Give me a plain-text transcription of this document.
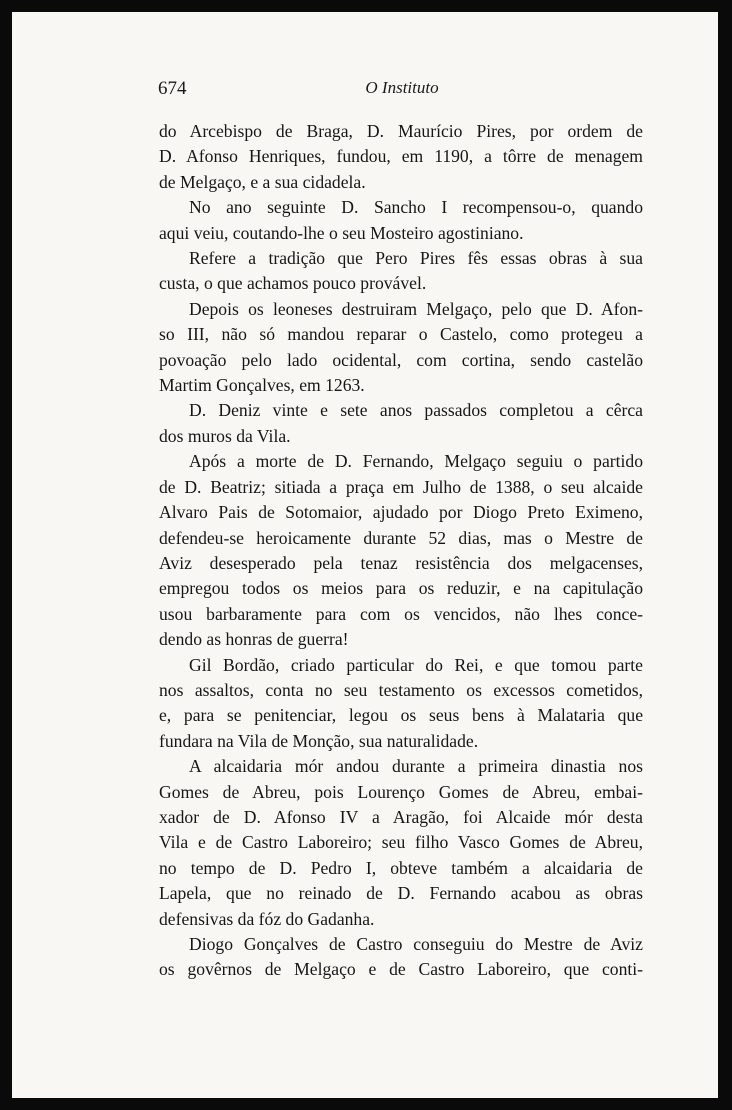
674	O Instituto

do Arcebispo de Braga, D. Maurício Pires, por ordem de
D. Afonso Henriques, fundou, em 1190, a tôrre de menagem
de Melgaço, e a sua cidadela.

No ano seguinte D. Sancho I recompensou-o, quando
aqui veiu, coutando-lhe o seu Mosteiro agostiniano.

Refere a tradição que Pero Pires fês essas obras à sua
custa, o que achamos pouco provável.

Depois os leoneses destruiram Melgaço, pelo que D. Afon-
so III, não só mandou reparar o Castelo, como protegeu a
povoação pelo lado ocidental, com cortina, sendo castelão
Martim Gonçalves, em 1263.

D. Deniz vinte e sete anos passados completou a cêrca
dos muros da Vila.

Após a morte de D. Fernando, Melgaço seguiu o partido
de D. Beatriz; sitiada a praça em Julho de 1388, o seu alcaide
Alvaro Pais de Sotomaior, ajudado por Diogo Preto Eximeno,
defendeu-se heroicamente durante 52 dias, mas o Mestre de
Aviz desesperado pela tenaz resistência dos melgacenses,
empregou todos os meios para os reduzir, e na capitulação
usou barbaramente para com os vencidos, não lhes conce-
dendo as honras de guerra!

Gil Bordão, criado particular do Rei, e que tomou parte
nos assaltos, conta no seu testamento os excessos cometidos,
e, para se penitenciar, legou os seus bens à Malataria que
fundara na Vila de Monção, sua naturalidade.

A alcaidaria mór andou durante a primeira dinastia nos
Gomes de Abreu, pois Lourenço Gomes de Abreu, embai-
xador de D. Afonso IV a Aragão, foi Alcaide mór desta
Vila e de Castro Laboreiro; seu filho Vasco Gomes de Abreu,
no tempo de D. Pedro I, obteve também a alcaidaria de
Lapela, que no reinado de D. Fernando acabou as obras
defensivas da fóz do Gadanha.

Diogo Gonçalves de Castro conseguiu do Mestre de Aviz
os govêrnos de Melgaço e de Castro Laboreiro, que conti-
